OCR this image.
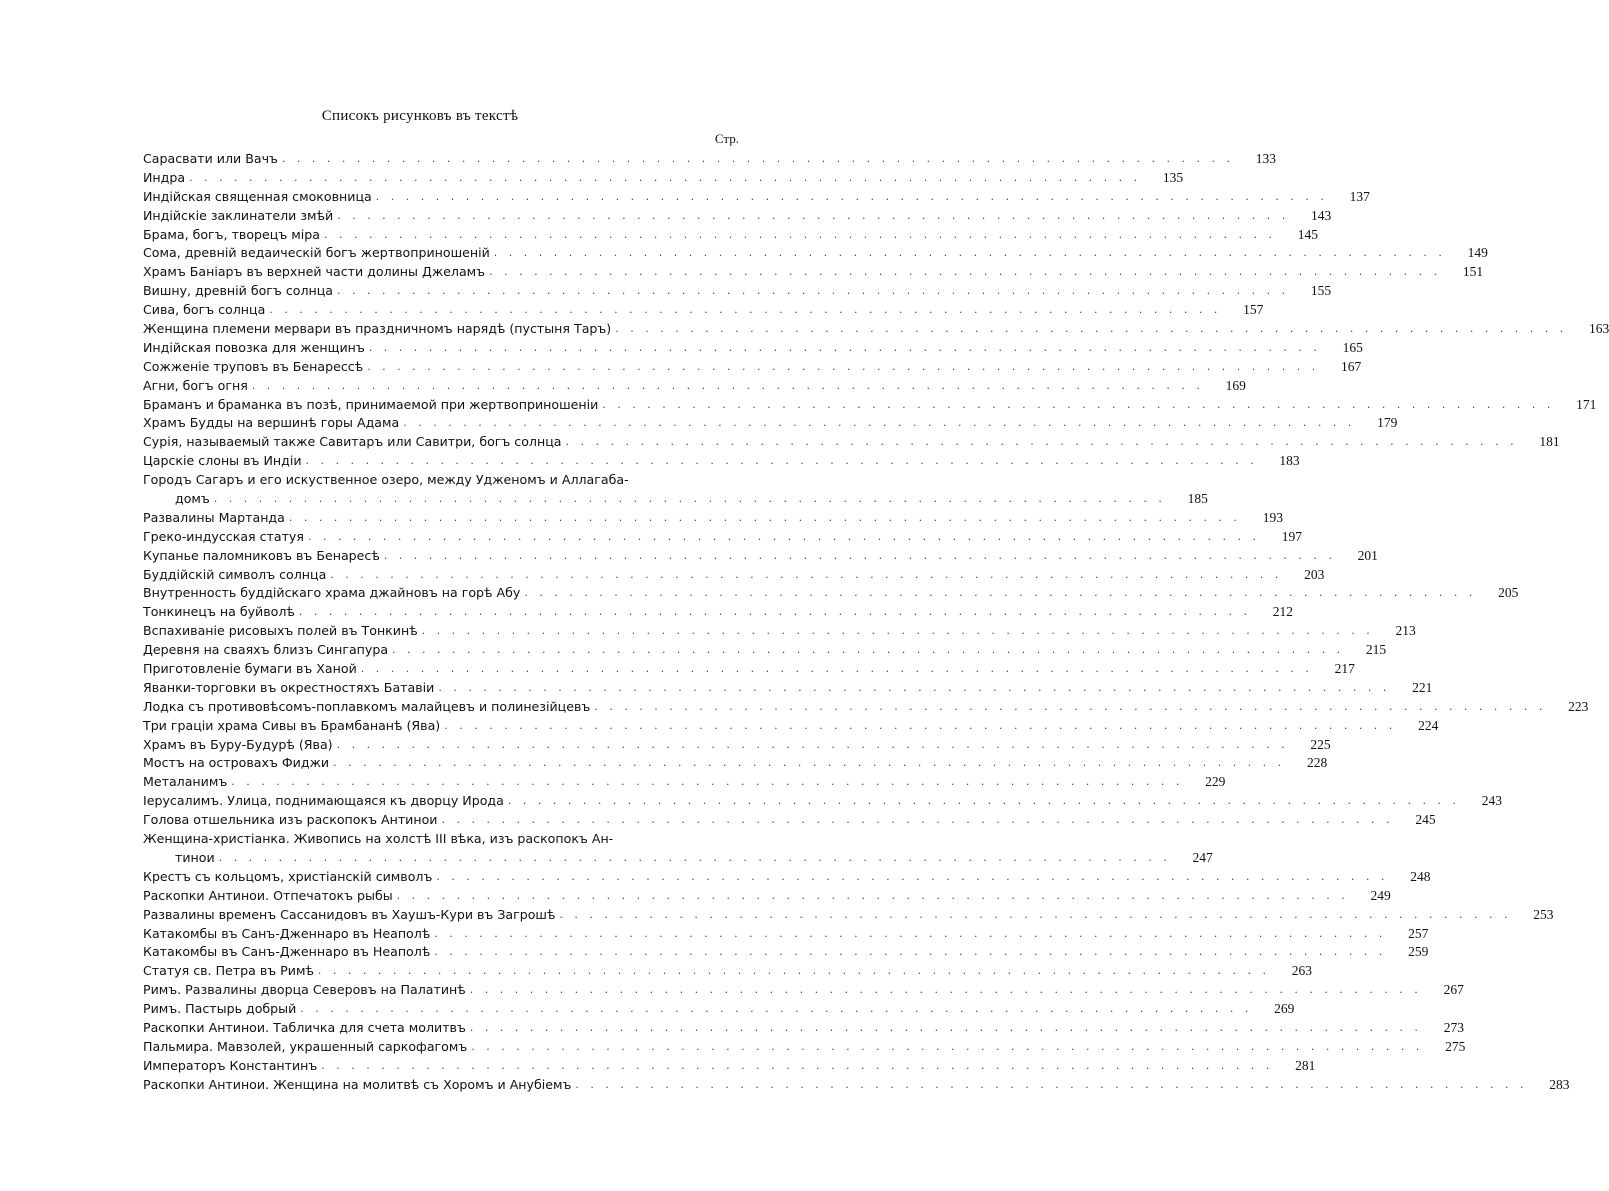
Списокъ рисунковъ въ текстѣ
Стр.
Сарасвати или Вачъ . . . . . . . . . . . . . . . . . . . . . . . . . . . . . . . . . . . . . . . . . . . . . . . . . . . . . . . . . . . . . . . .	133
Индра . . . . . . . . . . . . . . . . . . . . . . . . . . . . . . . . . . . . . . . . . . . . . . . . . . . . . . . . . . . . . . . .	135
Индійская священная смоковница . . . . . . . . . . . . . . . . . . . . . . . . . . . . . . . . . . . . . . . . . . . . . . . . . . . . . . . . . . . . . . . .	137
Индійскіе заклинатели змѣй . . . . . . . . . . . . . . . . . . . . . . . . . . . . . . . . . . . . . . . . . . . . . . . . . . . . . . . . . . . . . . . .	143
Брама, богъ, творецъ міра . . . . . . . . . . . . . . . . . . . . . . . . . . . . . . . . . . . . . . . . . . . . . . . . . . . . . . . . . . . . . . . .	145
Сома, древній ведаическій богъ жертвоприношеній . . . . . . . . . . . . . . . . . . . . . . . . . . . . . . . . . . . . . . . . . . . . . . . . . . . . . . . . . . . . . . . .	149
Храмъ Баніаръ въ верхней части долины Джеламъ . . . . . . . . . . . . . . . . . . . . . . . . . . . . . . . . . . . . . . . . . . . . . . . . . . . . . . . . . . . . . . . .	151
Вишну, древній богъ солнца . . . . . . . . . . . . . . . . . . . . . . . . . . . . . . . . . . . . . . . . . . . . . . . . . . . . . . . . . . . . . . . .	155
Сива, богъ солнца . . . . . . . . . . . . . . . . . . . . . . . . . . . . . . . . . . . . . . . . . . . . . . . . . . . . . . . . . . . . . . . .	157
Женщина племени мервари въ праздничномъ нарядѣ (пустыня Таръ) . . . . . . . . . . . . . . . . . . . . . . . . . . . . . . . . . . . . . . . . . . . . . . . . . . . . . . . . . . . . . . . .	163
Индійская повозка для женщинъ . . . . . . . . . . . . . . . . . . . . . . . . . . . . . . . . . . . . . . . . . . . . . . . . . . . . . . . . . . . . . . . .	165
Сожженіе труповъ въ Бенарессѣ . . . . . . . . . . . . . . . . . . . . . . . . . . . . . . . . . . . . . . . . . . . . . . . . . . . . . . . . . . . . . . . .	167
Агни, богъ огня . . . . . . . . . . . . . . . . . . . . . . . . . . . . . . . . . . . . . . . . . . . . . . . . . . . . . . . . . . . . . . . .	169
Браманъ и браманка въ позѣ, принимаемой при жертвоприношеніи . . . . . . . . . . . . . . . . . . . . . . . . . . . . . . . . . . . . . . . . . . . . . . . . . . . . . . . . . . . . . . . .	171
Храмъ Будды на вершинѣ горы Адама . . . . . . . . . . . . . . . . . . . . . . . . . . . . . . . . . . . . . . . . . . . . . . . . . . . . . . . . . . . . . . . .	179
Сурія, называемый также Савитаръ или Савитри, богъ солнца . . . . . . . . . . . . . . . . . . . . . . . . . . . . . . . . . . . . . . . . . . . . . . . . . . . . . . . . . . . . . . . .	181
Царскіе слоны въ Индіи . . . . . . . . . . . . . . . . . . . . . . . . . . . . . . . . . . . . . . . . . . . . . . . . . . . . . . . . . . . . . . . .	183
Городъ Сагаръ и его искуственное озеро, между Удженомъ и Аллагаба-
домъ . . . . . . . . . . . . . . . . . . . . . . . . . . . . . . . . . . . . . . . . . . . . . . . . . . . . . . . . . . . . . . . .	185
Развалины Мартанда . . . . . . . . . . . . . . . . . . . . . . . . . . . . . . . . . . . . . . . . . . . . . . . . . . . . . . . . . . . . . . . .	193
Греко-индусская статуя . . . . . . . . . . . . . . . . . . . . . . . . . . . . . . . . . . . . . . . . . . . . . . . . . . . . . . . . . . . . . . . .	197
Купанье паломниковъ въ Бенаресѣ . . . . . . . . . . . . . . . . . . . . . . . . . . . . . . . . . . . . . . . . . . . . . . . . . . . . . . . . . . . . . . . .	201
Буддійскій символъ солнца . . . . . . . . . . . . . . . . . . . . . . . . . . . . . . . . . . . . . . . . . . . . . . . . . . . . . . . . . . . . . . . .	203
Внутренность буддійскаго храма джайновъ на горѣ Абу . . . . . . . . . . . . . . . . . . . . . . . . . . . . . . . . . . . . . . . . . . . . . . . . . . . . . . . . . . . . . . . .	205
Тонкинецъ на буйволѣ . . . . . . . . . . . . . . . . . . . . . . . . . . . . . . . . . . . . . . . . . . . . . . . . . . . . . . . . . . . . . . . .	212
Вспахиваніе рисовыхъ полей въ Тонкинѣ . . . . . . . . . . . . . . . . . . . . . . . . . . . . . . . . . . . . . . . . . . . . . . . . . . . . . . . . . . . . . . . .	213
Деревня на сваяхъ близъ Сингапура . . . . . . . . . . . . . . . . . . . . . . . . . . . . . . . . . . . . . . . . . . . . . . . . . . . . . . . . . . . . . . . .	215
Приготовленіе бумаги въ Ханой . . . . . . . . . . . . . . . . . . . . . . . . . . . . . . . . . . . . . . . . . . . . . . . . . . . . . . . . . . . . . . . .	217
Яванки-торговки въ окрестностяхъ Батавіи . . . . . . . . . . . . . . . . . . . . . . . . . . . . . . . . . . . . . . . . . . . . . . . . . . . . . . . . . . . . . . . .	221
Лодка съ противовѣсомъ-поплавкомъ малайцевъ и полинезійцевъ . . . . . . . . . . . . . . . . . . . . . . . . . . . . . . . . . . . . . . . . . . . . . . . . . . . . . . . . . . . . . . . .	223
Три граціи храма Сивы въ Брамбананѣ (Ява) . . . . . . . . . . . . . . . . . . . . . . . . . . . . . . . . . . . . . . . . . . . . . . . . . . . . . . . . . . . . . . . .	224
Храмъ въ Буру-Будурѣ (Ява) . . . . . . . . . . . . . . . . . . . . . . . . . . . . . . . . . . . . . . . . . . . . . . . . . . . . . . . . . . . . . . . .	225
Мостъ на островахъ Фиджи . . . . . . . . . . . . . . . . . . . . . . . . . . . . . . . . . . . . . . . . . . . . . . . . . . . . . . . . . . . . . . . .	228
Металанимъ . . . . . . . . . . . . . . . . . . . . . . . . . . . . . . . . . . . . . . . . . . . . . . . . . . . . . . . . . . . . . . . .	229
Іерусалимъ. Улица, поднимающаяся къ дворцу Ирода . . . . . . . . . . . . . . . . . . . . . . . . . . . . . . . . . . . . . . . . . . . . . . . . . . . . . . . . . . . . . . . .	243
Голова отшельника изъ раскопокъ Антинои . . . . . . . . . . . . . . . . . . . . . . . . . . . . . . . . . . . . . . . . . . . . . . . . . . . . . . . . . . . . . . . .	245
Женщина-христіанка. Живопись на холстѣ III вѣка, изъ раскопокъ Ан-
тинои . . . . . . . . . . . . . . . . . . . . . . . . . . . . . . . . . . . . . . . . . . . . . . . . . . . . . . . . . . . . . . . .	247
Крестъ съ кольцомъ, христіанскій символъ . . . . . . . . . . . . . . . . . . . . . . . . . . . . . . . . . . . . . . . . . . . . . . . . . . . . . . . . . . . . . . . .	248
Раскопки Антинои. Отпечатокъ рыбы . . . . . . . . . . . . . . . . . . . . . . . . . . . . . . . . . . . . . . . . . . . . . . . . . . . . . . . . . . . . . . . .	249
Развалины временъ Сассанидовъ въ Хаушъ-Кури въ Загрошѣ . . . . . . . . . . . . . . . . . . . . . . . . . . . . . . . . . . . . . . . . . . . . . . . . . . . . . . . . . . . . . . . .	253
Катакомбы въ Санъ-Дженнаро въ Неаполѣ . . . . . . . . . . . . . . . . . . . . . . . . . . . . . . . . . . . . . . . . . . . . . . . . . . . . . . . . . . . . . . . .	257
Катакомбы въ Санъ-Дженнаро въ Неаполѣ . . . . . . . . . . . . . . . . . . . . . . . . . . . . . . . . . . . . . . . . . . . . . . . . . . . . . . . . . . . . . . . .	259
Статуя св. Петра въ Римѣ . . . . . . . . . . . . . . . . . . . . . . . . . . . . . . . . . . . . . . . . . . . . . . . . . . . . . . . . . . . . . . . .	263
Римъ. Развалины дворца Северовъ на Палатинѣ . . . . . . . . . . . . . . . . . . . . . . . . . . . . . . . . . . . . . . . . . . . . . . . . . . . . . . . . . . . . . . . .	267
Римъ. Пастырь добрый . . . . . . . . . . . . . . . . . . . . . . . . . . . . . . . . . . . . . . . . . . . . . . . . . . . . . . . . . . . . . . . .	269
Раскопки Антинои. Табличка для счета молитвъ . . . . . . . . . . . . . . . . . . . . . . . . . . . . . . . . . . . . . . . . . . . . . . . . . . . . . . . . . . . . . . . .	273
Пальмира. Мавзолей, украшенный саркофагомъ . . . . . . . . . . . . . . . . . . . . . . . . . . . . . . . . . . . . . . . . . . . . . . . . . . . . . . . . . . . . . . . .	275
Императоръ Константинъ . . . . . . . . . . . . . . . . . . . . . . . . . . . . . . . . . . . . . . . . . . . . . . . . . . . . . . . . . . . . . . . .	281
Раскопки Антинои. Женщина на молитвѣ съ Хоромъ и Анубіемъ . . . . . . . . . . . . . . . . . . . . . . . . . . . . . . . . . . . . . . . . . . . . . . . . . . . . . . . . . . . . . . . .	283
